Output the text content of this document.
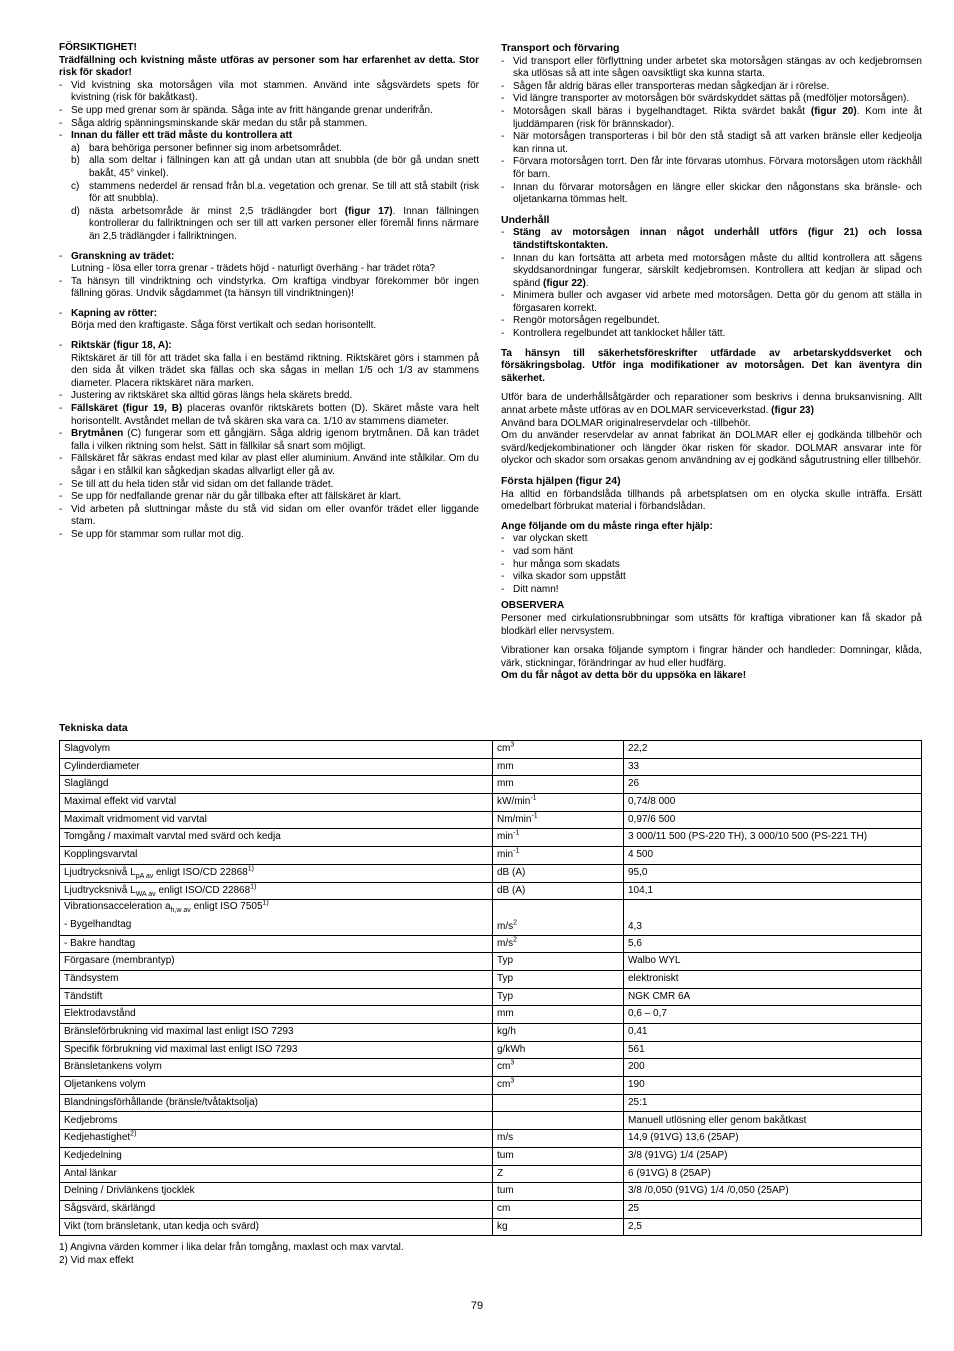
FÖRSIKTIGHET!

Trädfällning och kvistning måste utföras av personer som har erfarenhet av detta. Stor risk för skador!

- Vid kvistning ska motorsågen vila mot stammen. Använd inte sågsvärdets spets för kvistning (risk för bakåtkast).
- Se upp med grenar som är spända. Såga inte av fritt hängande grenar underifrån.
- Såga aldrig spänningsminskande skär medan du står på stammen.
- Innan du fäller ett träd måste du kontrollera att
a) bara behöriga personer befinner sig inom arbetsområdet.
b) alla som deltar i fällningen kan att gå undan utan att snubbla (de bör gå undan snett bakåt, 45° vinkel).
c) stammens nederdel är rensad från bl.a. vegetation och grenar. Se till att stå stabilt (risk för att snubbla).
d) nästa arbetsområde är minst 2,5 trädlängder bort (figur 17). Innan fällningen kontrollerar du fallriktningen och ser till att varken personer eller föremål finns närmare än 2,5 trädlängder i fallriktningen.
- Granskning av trädet:
Lutning - lösa eller torra grenar - trädets höjd - naturligt överhäng - har trädet röta?
- Ta hänsyn till vindriktning och vindstyrka. Om kraftiga vindbyar förekommer bör ingen fällning göras. Undvik sågdammet (ta hänsyn till vindriktningen)!
- Kapning av rötter:
Börja med den kraftigaste. Såga först vertikalt och sedan horisontellt.
- Riktskär (figur 18, A):
Riktskäret är till för att trädet ska falla i en bestämd riktning. Riktskäret görs i stammen på den sida åt vilken trädet ska fällas och ska sågas in mellan 1/5 och 1/3 av stammens diameter. Placera riktskäret nära marken.
- Justering av riktskäret ska alltid göras längs hela skärets bredd.
- Fällskäret (figur 19, B) placeras ovanför riktskärets botten (D). Skäret måste vara helt horisontellt. Avståndet mellan de två skären ska vara ca. 1/10 av stammens diameter.
- Brytmånen (C) fungerar som ett gångjärn. Såga aldrig igenom brytmånen. Då kan trädet falla i vilken riktning som helst. Sätt in fällkilar så snart som möjligt.
- Fällskäret får säkras endast med kilar av plast eller aluminium. Använd inte stålkilar. Om du sågar i en stålkil kan sågkedjan skadas allvarligt eller gå av.
- Se till att du hela tiden står vid sidan om det fallande trädet.
- Se upp för nedfallande grenar när du går tillbaka efter att fällskäret är klart.
- Vid arbeten på sluttningar måste du stå vid sidan om eller ovanför trädet eller liggande stam.
- Se upp för stammar som rullar mot dig.
Transport och förvaring
- Vid transport eller förflyttning under arbetet ska motorsågen stängas av och kedjebromsen ska utlösas så att inte sågen oavsiktligt ska kunna starta.
- Sågen får aldrig bäras eller transporteras medan sågkedjan är i rörelse.
- Vid längre transporter av motorsågen bör svärdskyddet sättas på (medföljer motorsågen).
- Motorsågen skall bäras i bygelhandtaget. Rikta svärdet bakåt (figur 20). Kom inte åt ljuddämparen (risk för brännskador).
- När motorsågen transporteras i bil bör den stå stadigt så att varken bränsle eller kedjeolja kan rinna ut.
- Förvara motorsågen torrt. Den får inte förvaras utomhus. Förvara motorsågen utom räckhåll för barn.
- Innan du förvarar motorsågen en längre eller skickar den någonstans ska bränsle- och oljetankarna tömmas helt.
Underhåll
- Stäng av motorsågen innan något underhåll utförs (figur 21) och lossa tändstiftskontakten.
- Innan du kan fortsätta att arbeta med motorsågen måste du alltid kontrollera att sågens skyddsanordningar fungerar, särskilt kedjebromsen. Kontrollera att kedjan är slipad och spänd (figur 22).
- Minimera buller och avgaser vid arbete med motorsågen. Detta gör du genom att ställa in förgasaren korrekt.
- Rengör motorsågen regelbundet.
- Kontrollera regelbundet att tanklocket håller tätt.

Ta hänsyn till säkerhetsföreskrifter utfärdade av arbetarskyddsverket och försäkringsbolag. Utför inga modifikationer av motorsågen. Det kan äventyra din säkerhet.

Utför bara de underhållsåtgärder och reparationer som beskrivs i denna bruksanvisning. Allt annat arbete måste utföras av en DOLMAR serviceverkstad. (figur 23)

Använd bara DOLMAR originalreservdelar och -tillbehör.

Om du använder reservdelar av annat fabrikat än DOLMAR eller ej godkända tillbehör och svärd/kedjekombinationer och längder ökar risken för skador. DOLMAR ansvarar inte för olyckor och skador som orsakas genom användning av ej godkänd sågutrustning eller tillbehör.

Första hjälpen (figur 24)

Ha alltid en förbandslåda tillhands på arbetsplatsen om en olycka skulle inträffa. Ersätt omedelbart förbrukat material i förbandslådan.

Ange följande om du måste ringa efter hjälp:
- var olyckan skett
- vad som hänt
- hur många som skadats
- vilka skador som uppstått
- Ditt namn!
OBSERVERA

Personer med cirkulationsrubbningar som utsätts för kraftiga vibrationer kan få skador på blodkärl eller nervsystem.

Vibrationer kan orsaka följande symptom i fingrar händer och handleder: Domningar, klåda, värk, stickningar, förändringar av hud eller hudfärg.

Om du får något av detta bör du uppsöka en läkare!

Tekniska data
Slagvolym	$cm^3$	22,2
Cylinderdiameter	mm	33
Slaglängd	mm	26
Maximal effekt vid varvtal	$kW/\min^{-1}$	0,74/8 000
Maximalt vridmoment vid varvtal	$Nm/\min^{-1}$	0,97/6 500
Tomgång / maximalt varvtal med svärd och kedja	$\min^{-1}$	3 000/11 500 (PS-220 TH), 3 000/10 500 (PS-221 TH)
Kopplingsvarvtal	$\min^{-1}$	4 500
Ljudtrycksnivå $L_{pA av}$ enligt ISO/CD 22868$^{1)}$	dB (A)	95,0
Ljudtrycksnivå $L_{WA av}$ enligt ISO/CD 22868$^{1)}$	dB (A)	104,1
Vibrationsacceleration $a_{h,w av}$ enligt ISO 7505$^{1)}$
- Bygelhandtag	$m/s^2$	4,3
- Bakre handtag	$m/s^2$	5,6
Förgasare (membrantyp)	Typ	Walbo WYL
Tändsystem	Typ	elektroniskt
Tändstift	Typ	NGK CMR 6A
Elektrodavstånd	mm	0,6 – 0,7
Bränsleförbrukning vid maximal last enligt ISO 7293	kg/h	0,41
Specifik förbrukning vid maximal last enligt ISO 7293	g/kWh	561
Bränsletankens volym	$cm^3$	200
Oljetankens volym	$cm^3$	190
Blandningsförhållande (bränsle/tvåtaktsolja)		25:1
Kedjebroms		Manuell utlösning eller genom bakåtkast
Kedjehastighet$^{2)}$	m/s	14,9 (91VG) 13,6 (25AP)
Kedjedelning	tum	3/8 (91VG) 1/4 (25AP)
Antal länkar	Z	6 (91VG) 8 (25AP)
Delning / Drivlänkens tjocklek	tum	3/8 /0,050 (91VG) 1/4 /0,050 (25AP)
Sågsvärd, skärlängd	cm	25
Vikt (tom bränsletank, utan kedja och svärd)	kg	2,5
1) Angivna värden kommer i lika delar från tomgång, maxlast och max varvtal.
2) Vid max effekt
79
